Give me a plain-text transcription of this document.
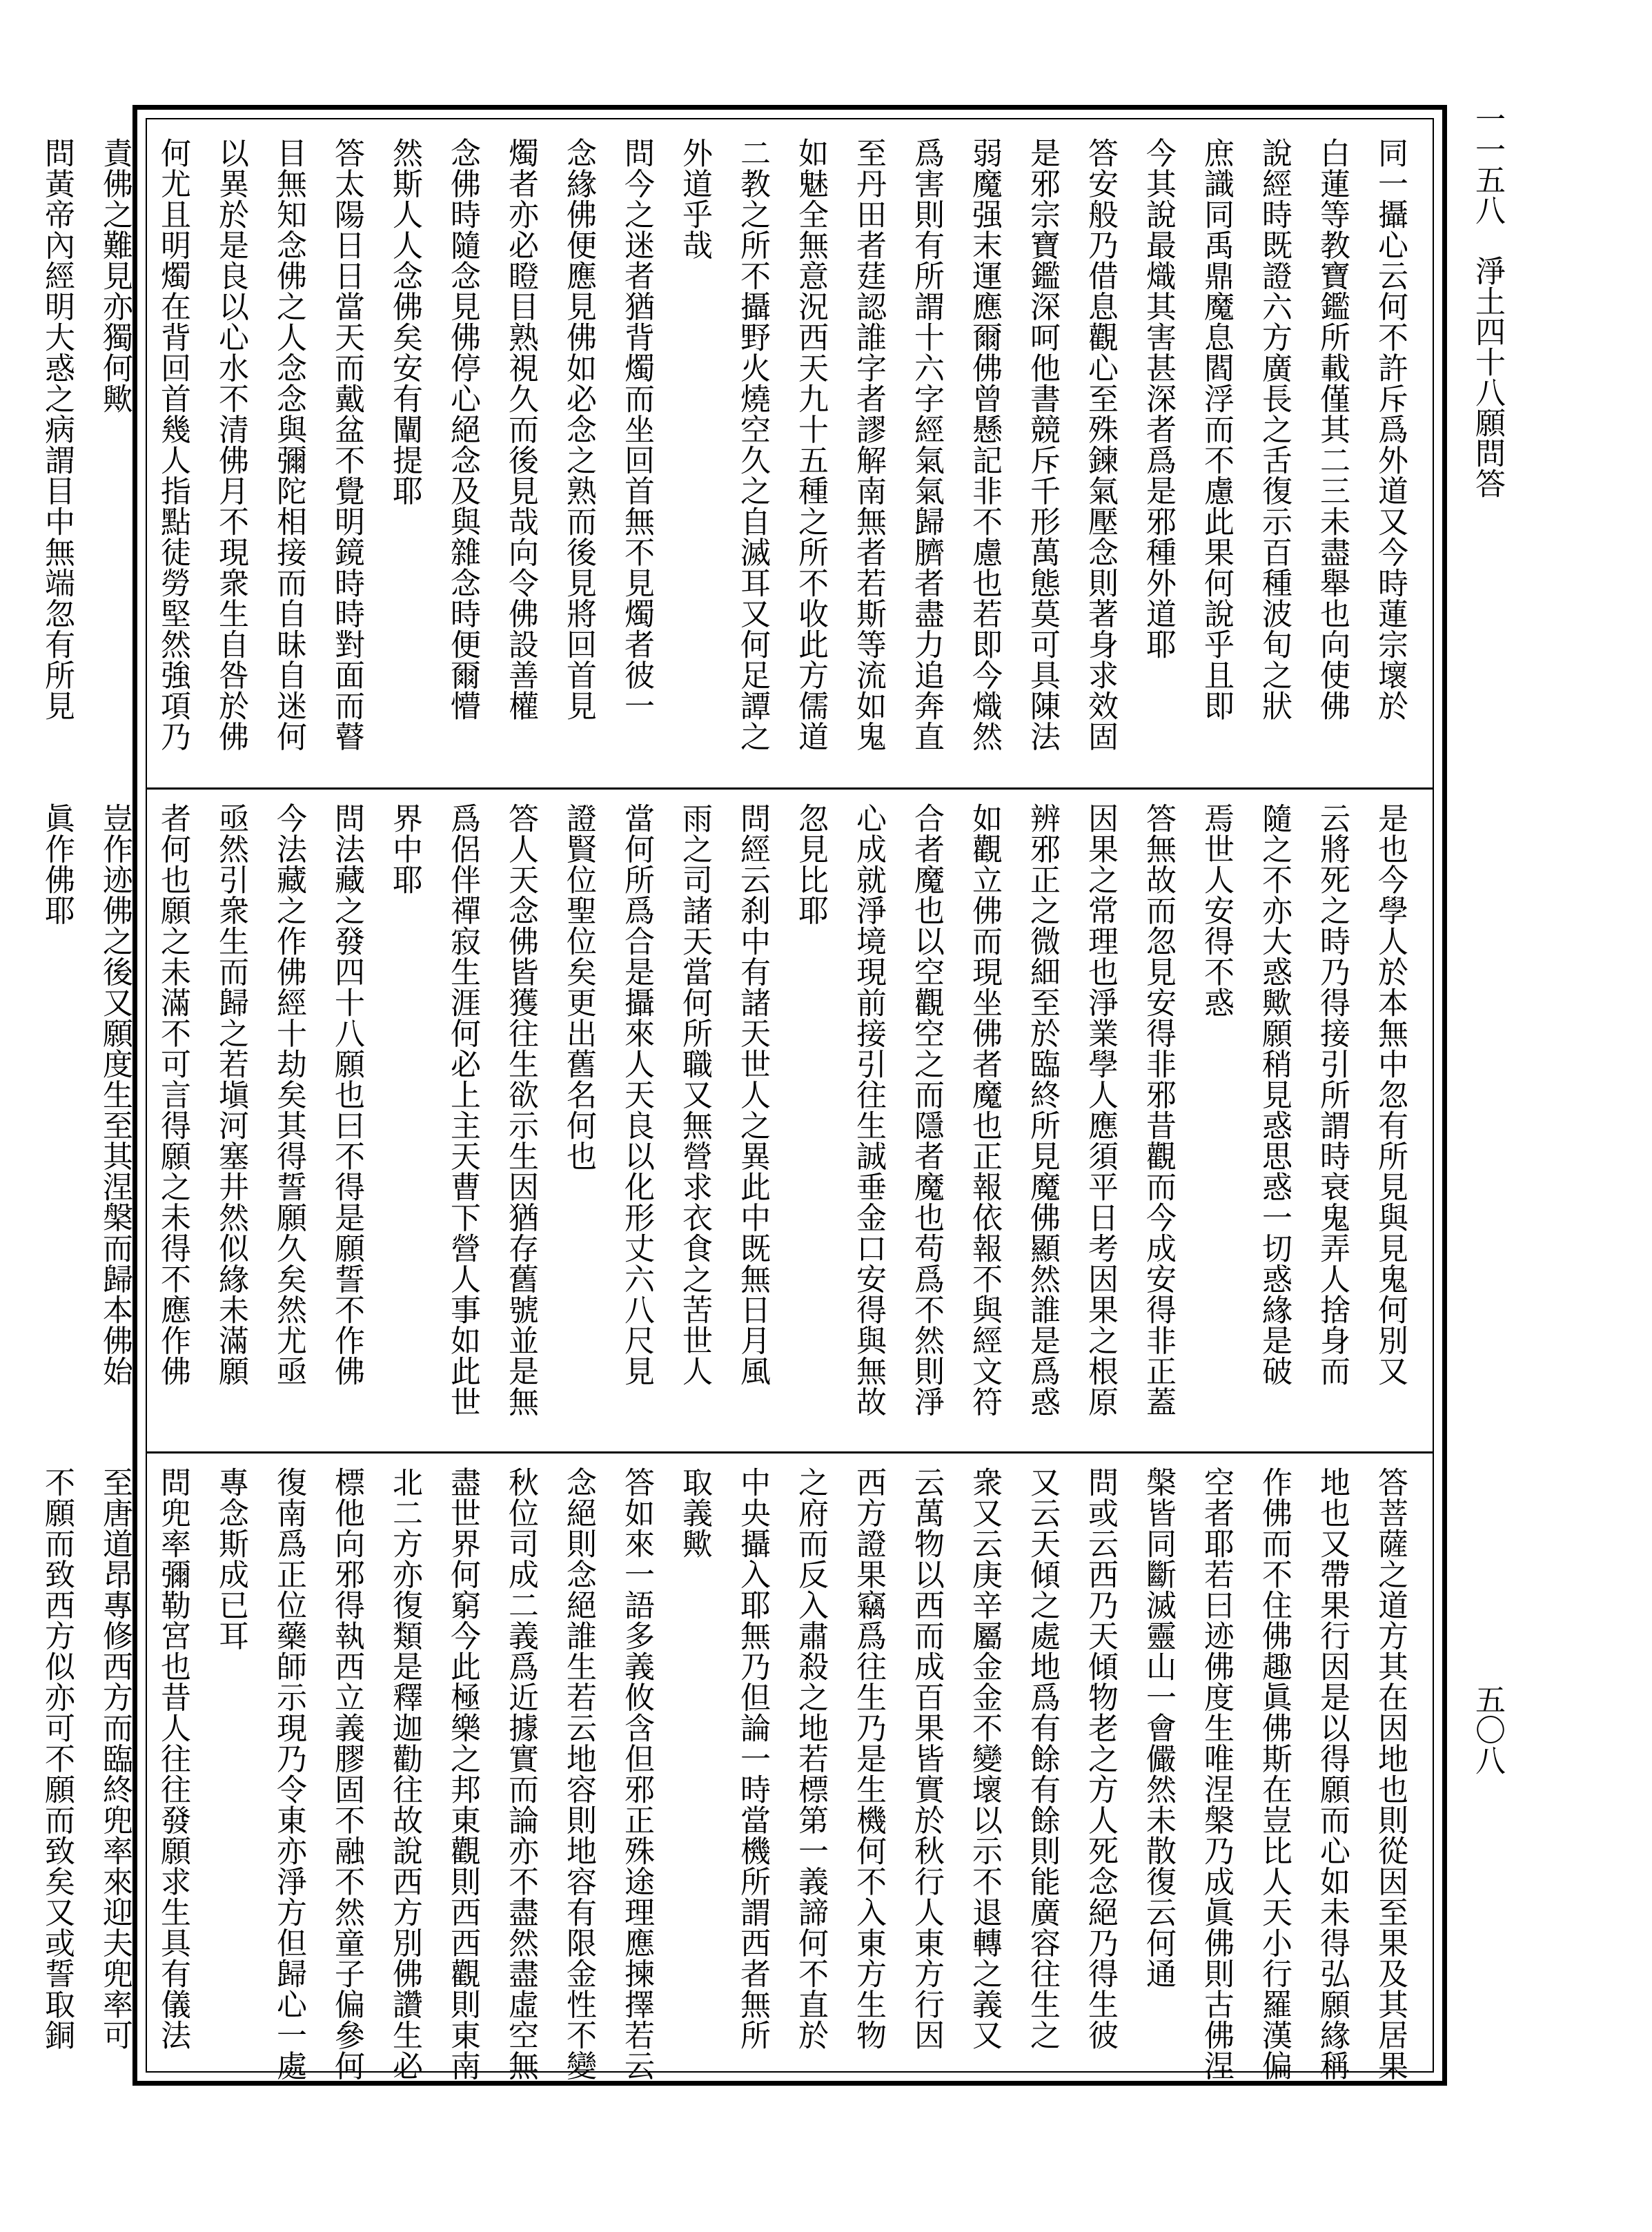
一一五八　淨土四十八願問答
五〇八
同一攝心云何不許斥爲外道又今時蓮宗壞於
白蓮等教寶鑑所載僅其二三未盡舉也向使佛
說經時既證六方廣長之舌復示百種波旬之狀
庶識同禹鼎魔息閻浮而不慮此果何說乎且即
今其說最熾其害甚深者爲是邪種外道耶
答安般乃借息觀心至殊鍊氣壓念則著身求效固
是邪宗寶鑑深呵他書競斥千形萬態莫可具陳法
弱魔强末運應爾佛曾懸記非不慮也若即今熾然
爲害則有所謂十六字經氣氣歸臍者盡力追奔直
至丹田者莛認誰字者謬解南無者若斯等流如鬼
如魅全無意況西天九十五種之所不收此方儒道
二教之所不攝野火燒空久之自滅耳又何足譚之
外道乎哉
問今之迷者猶背燭而坐回首無不見燭者彼一
念緣佛便應見佛如必念之熟而後見將回首見
燭者亦必瞪目熟視久而後見哉向令佛設善權
念佛時隨念見佛停心絕念及與雜念時便爾懵
然斯人人念佛矣安有闡提耶
答太陽日日當天而戴盆不覺明鏡時時對面而瞽
目無知念佛之人念念與彌陀相接而自昧自迷何
以異於是良以心水不清佛月不現衆生自咎於佛
何尤且明燭在背回首幾人指點徒勞堅然強項乃
責佛之難見亦獨何歟
問黃帝內經明大惑之病謂目中無端忽有所見
是也今學人於本無中忽有所見與見鬼何別又
云將死之時乃得接引所謂時衰鬼弄人捨身而
隨之不亦大惑歟願稍見惑思惑一切惑緣是破
焉世人安得不惑
答無故而忽見安得非邪昔觀而今成安得非正蓋
因果之常理也淨業學人應須平日考因果之根原
辨邪正之微細至於臨終所見魔佛顯然誰是爲惑
如觀立佛而現坐佛者魔也正報依報不與經文符
合者魔也以空觀空之而隱者魔也苟爲不然則淨
心成就淨境現前接引往生誠垂金口安得與無故
忽見比耶
問經云刹中有諸天世人之異此中既無日月風
雨之司諸天當何所職又無營求衣食之苦世人
當何所爲合是攝來人天良以化形丈六八尺見
證賢位聖位矣更出舊名何也
答人天念佛皆獲往生欲示生因猶存舊號並是無
爲侶伴禪寂生涯何必上主天曹下營人事如此世
界中耶
問法藏之發四十八願也曰不得是願誓不作佛
今法藏之作佛經十劫矣其得誓願久矣然尤亟
亟然引衆生而歸之若塡河塞井然似緣未滿願
者何也願之未滿不可言得願之未得不應作佛
豈作迹佛之後又願度生至其涅槃而歸本佛始
眞作佛耶
答菩薩之道方其在因地也則從因至果及其居果
地也又帶果行因是以得願而心如未得弘願緣稱
作佛而不住佛趣眞佛斯在豈比人天小行羅漢偏
空者耶若曰迹佛度生唯涅槃乃成眞佛則古佛涅
槃皆同斷滅靈山一會儼然未散復云何通
問或云西乃天傾物老之方人死念絕乃得生彼
又云天傾之處地爲有餘有餘則能廣容往生之
衆又云庚辛屬金金不變壞以示不退轉之義又
云萬物以西而成百果皆實於秋行人東方行因
西方證果竊爲往生乃是生機何不入東方生物
之府而反入肅殺之地若標第一義諦何不直於
中央攝入耶無乃但論一時當機所謂西者無所
取義歟
答如來一語多義攸含但邪正殊途理應揀擇若云
念絕則念絕誰生若云地容則地容有限金性不變
秋位司成二義爲近據實而論亦不盡然盡虛空無
盡世界何窮今此極樂之邦東觀則西西觀則東南
北二方亦復類是釋迦勸往故說西方別佛讚生必
標他向邪得執西立義膠固不融不然童子偏參何
復南爲正位藥師示現乃令東亦淨方但歸心一處
專念斯成已耳
問兜率彌勒宮也昔人往往發願求生具有儀法
至唐道昂專修西方而臨終兜率來迎夫兜率可
不願而致西方似亦可不願而致矣又或誓取銅
